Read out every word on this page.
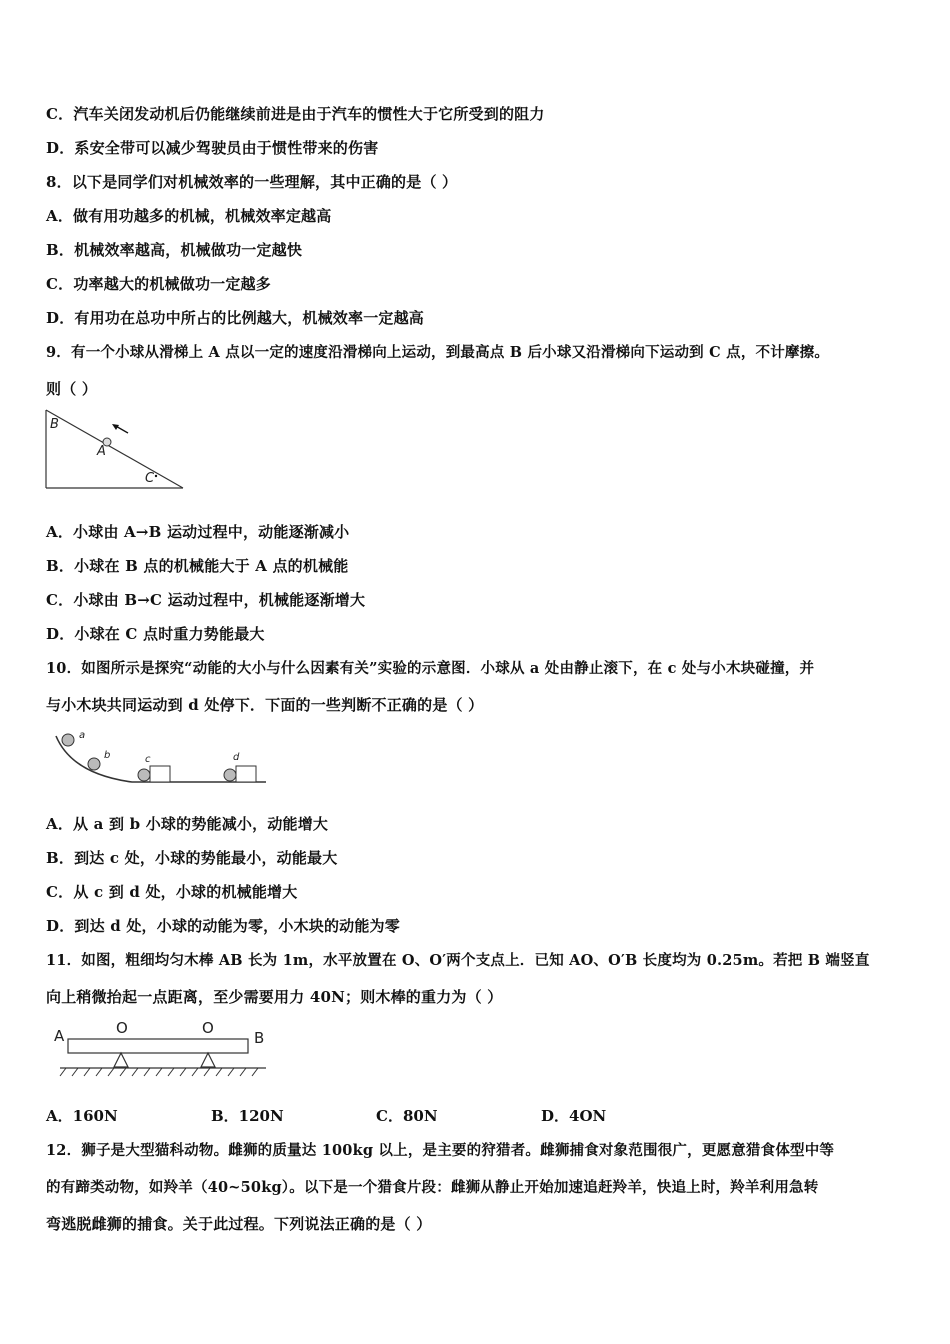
C．汽车关闭发动机后仍能继续前进是由于汽车的惯性大于它所受到的阻力
D．系安全带可以减少驾驶员由于惯性带来的伤害
8．以下是同学们对机械效率的一些理解，其中正确的是（ ）
A．做有用功越多的机械，机械效率定越高
B．机械效率越高，机械做功一定越快
C．功率越大的机械做功一定越多
D．有用功在总功中所占的比例越大，机械效率一定越高
9．有一个小球从滑梯上 A 点以一定的速度沿滑梯向上运动，到最高点 B 后小球又沿滑梯向下运动到 C 点，不计摩擦。
则（ ）
B
A
C
A．小球由 A→B 运动过程中，动能逐渐减小
B．小球在 B 点的机械能大于 A 点的机械能
C．小球由 B→C 运动过程中，机械能逐渐增大
D．小球在 C 点时重力势能最大
10．如图所示是探究“动能的大小与什么因素有关”实验的示意图．小球从 a 处由静止滚下，在 c 处与小木块碰撞，并
与小木块共同运动到 d 处停下．下面的一些判断不正确的是（ ）
a
b	c	d
A．从 a 到 b 小球的势能减小，动能增大
B．到达 c 处，小球的势能最小，动能最大
C．从 c 到 d 处，小球的机械能增大
D．到达 d 处，小球的动能为零，小木块的动能为零
11．如图，粗细均匀木棒 AB 长为 1m，水平放置在 O、O′两个支点上．已知 AO、O′B 长度均为 0.25m。若把 B 端竖直
向上稍微抬起一点距离，至少需要用力 40N；则木棒的重力为（ ）
A	O	O
B
A．160N	B．120N	C．80N	D．4ON
12．狮子是大型猫科动物。雌狮的质量达 100kg 以上，是主要的狩猎者。雌狮捕食对象范围很广，更愿意猎食体型中等
的有蹄类动物，如羚羊（40~50kg）。以下是一个猎食片段：雌狮从静止开始加速追赶羚羊，快追上时，羚羊利用急转
弯逃脱雌狮的捕食。关于此过程。下列说法正确的是（ ）
